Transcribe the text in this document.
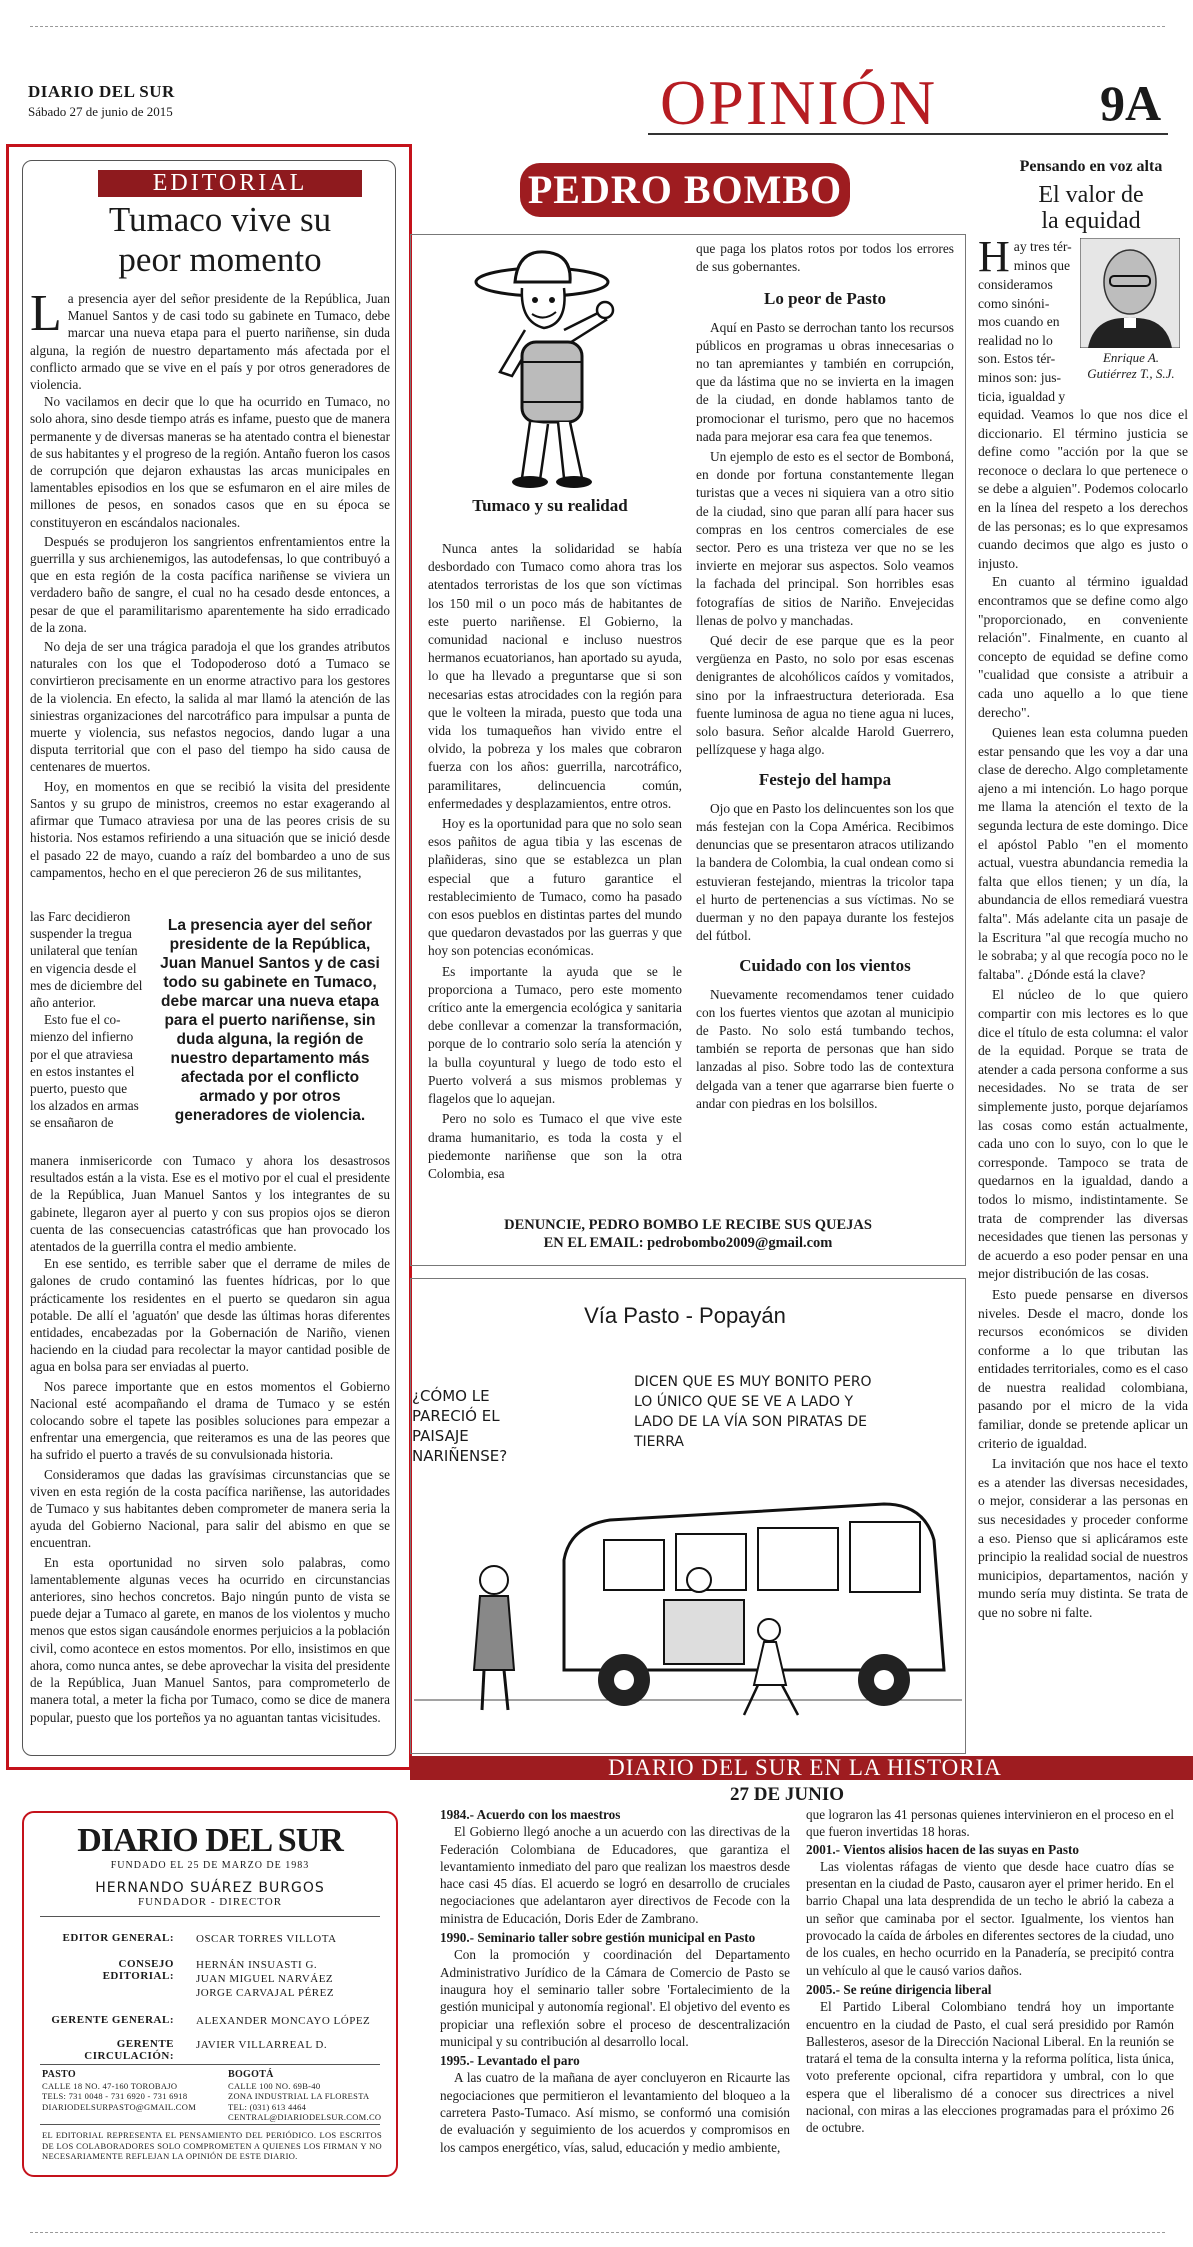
DIARIO DEL SUR
Sábado 27 de junio de 2015	OPINIÓN	9A
EDITORIAL
Tumaco vive su
peor momento

La presencia ayer del señor presidente de la República, Juan Manuel Santos y de casi todo su gabinete en Tumaco, debe marcar una nueva etapa para el puerto nariñense, sin duda alguna, la región de nuestro departamento más afectada por el conflicto armado que se vive en el país y por otros generadores de violencia.

No vacilamos en decir que lo que ha ocurrido en Tumaco, no solo ahora, sino desde tiempo atrás es infame, puesto que de manera permanente y de diversas maneras se ha atentado contra el bienestar de sus habitantes y el progreso de la región. Antaño fueron los casos de corrupción que dejaron exhaustas las arcas municipales en lamentables episodios en los que se esfumaron en el aire miles de millones de pesos, en sonados casos que en su época se constituyeron en escándalos nacionales.

Después se produjeron los sangrientos enfrentamientos entre la guerrilla y sus archienemigos, las autodefensas, lo que contribuyó a que en esta región de la costa pacífica nariñense se viviera un verdadero baño de sangre, el cual no ha cesado desde entonces, a pesar de que el paramilitarismo aparentemente ha sido erradicado de la zona.

No deja de ser una trágica paradoja el que los grandes atributos naturales con los que el Todopoderoso dotó a Tumaco se convirtieron precisamente en un enorme atractivo para los gestores de la violencia. En efecto, la salida al mar llamó la atención de las siniestras organizaciones del narcotráfico para impulsar a punta de muerte y violencia, sus nefastos negocios, dando lugar a una disputa territorial que con el paso del tiempo ha sido causa de centenares de muertos.

Hoy, en momentos en que se recibió la visita del presidente Santos y su grupo de ministros, creemos no estar exagerando al afirmar que Tumaco atraviesa por una de las peores crisis de su historia. Nos estamos refiriendo a una situación que se inició desde el pasado 22 de mayo, cuando a raíz del bombardeo a uno de sus campamentos, hecho en el que perecieron 26 de sus militantes,

las Farc decidieron
suspender la tregua
unilateral que tenían
en vigencia desde el
mes de diciembre del
año anterior.
Esto fue el co-
mienzo del infierno
por el que atraviesa
en estos instantes el
puerto, puesto que
los alzados en armas
se ensañaron de
La presencia ayer del señor presidente de la República, Juan Manuel Santos y de casi todo su gabinete en Tumaco, debe marcar una nueva etapa para el puerto nariñense, sin duda alguna, la región de nuestro departamento más afectada por el conflicto armado y por otros generadores de violencia.

manera inmisericorde con Tumaco y ahora los desastrosos resultados están a la vista. Ese es el motivo por el cual el presidente de la República, Juan Manuel Santos y los integrantes de su gabinete, llegaron ayer al puerto y con sus propios ojos se dieron cuenta de las consecuencias catastróficas que han provocado los atentados de la guerrilla contra el medio ambiente.

En ese sentido, es terrible saber que el derrame de miles de galones de crudo contaminó las fuentes hídricas, por lo que prácticamente los residentes en el puerto se quedaron sin agua potable. De allí el 'aguatón' que desde las últimas horas diferentes entidades, encabezadas por la Gobernación de Nariño, vienen haciendo en la ciudad para recolectar la mayor cantidad posible de agua en bolsa para ser enviadas al puerto.

Nos parece importante que en estos momentos el Gobierno Nacional esté acompañando el drama de Tumaco y se estén colocando sobre el tapete las posibles soluciones para empezar a enfrentar una emergencia, que reiteramos es una de las peores que ha sufrido el puerto a través de su convulsionada historia.

Consideramos que dadas las gravísimas circunstancias que se viven en esta región de la costa pacífica nariñense, las autoridades de Tumaco y sus habitantes deben comprometer de manera seria la ayuda del Gobierno Nacional, para salir del abismo en que se encuentran.

En esta oportunidad no sirven solo palabras, como lamentablemente algunas veces ha ocurrido en circunstancias anteriores, sino hechos concretos. Bajo ningún punto de vista se puede dejar a Tumaco al garete, en manos de los violentos y mucho menos que estos sigan causándole enormes perjuicios a la población civil, como acontece en estos momentos. Por ello, insistimos en que ahora, como nunca antes, se debe aprovechar la visita del presidente de la República, Juan Manuel Santos, para comprometerlo de manera total, a meter la ficha por Tumaco, como se dice de manera popular, puesto que los porteños ya no aguantan tantas vicisitudes.

PEDRO BOMBO
Tumaco y su realidad

Nunca antes la solidaridad se había desbordado con Tumaco como ahora tras los atentados terroristas de los que son víctimas los 150 mil o un poco más de habitantes de este puerto nariñense. El Gobierno, la comunidad nacional e incluso nuestros hermanos ecuatorianos, han aportado su ayuda, lo que ha llevado a preguntarse que si son necesarias estas atrocidades con la región para que le volteen la mirada, puesto que toda una vida los tumaqueños han vivido entre el olvido, la pobreza y los males que cobraron fuerza con los años: guerrilla, narcotráfico, paramilitares, delincuencia común, enfermedades y desplazamientos, entre otros.

Hoy es la oportunidad para que no solo sean esos pañitos de agua tibia y las escenas de plañideras, sino que se establezca un plan especial que a futuro garantice el restablecimiento de Tumaco, como ha pasado con esos pueblos en distintas partes del mundo que quedaron devastados por las guerras y que hoy son potencias económicas.

Es importante la ayuda que se le proporciona a Tumaco, pero este momento crítico ante la emergencia ecológica y sanitaria debe conllevar a comenzar la transformación, porque de lo contrario solo sería la atención y la bulla coyuntural y luego de todo esto el Puerto volverá a sus mismos problemas y flagelos que lo aquejan.

Pero no solo es Tumaco el que vive este drama humanitario, es toda la costa y el piedemonte nariñense que son la otra Colombia, esa

que paga los platos rotos por todos los errores de sus gobernantes.

Lo peor de Pasto

Aquí en Pasto se derrochan tanto los recursos públicos en programas u obras innecesarias o no tan apremiantes y también en corrupción, que da lástima que no se invierta en la imagen de la ciudad, en donde hablamos tanto de promocionar el turismo, pero que no hacemos nada para mejorar esa cara fea que tenemos.

Un ejemplo de esto es el sector de Bomboná, en donde por fortuna constantemente llegan turistas que a veces ni siquiera van a otro sitio de la ciudad, sino que paran allí para hacer sus compras en los centros comerciales de ese sector. Pero es una tristeza ver que no se les invierte en mejorar sus aspectos. Solo veamos la fachada del principal. Son horribles esas fotografías de sitios de Nariño. Envejecidas llenas de polvo y manchadas.

Qué decir de ese parque que es la peor vergüenza en Pasto, no solo por esas escenas denigrantes de alcohólicos caídos y vomitados, sino por la infraestructura deteriorada. Esa fuente luminosa de agua no tiene agua ni luces, solo basura. Señor alcalde Harold Guerrero, pellízquese y haga algo.

Festejo del hampa

Ojo que en Pasto los delincuentes son los que más festejan con la Copa América. Recibimos denuncias que se presentaron atracos utilizando la bandera de Colombia, la cual ondean como si estuvieran festejando, mientras la tricolor tapa el hurto de pertenencias a sus víctimas. No se duerman y no den papaya durante los festejos del fútbol.

Cuidado con los vientos

Nuevamente recomendamos tener cuidado con los fuertes vientos que azotan al municipio de Pasto. No solo está tumbando techos, también se reporta de personas que han sido lanzadas al piso. Sobre todo las de contextura delgada van a tener que agarrarse bien fuerte o andar con piedras en los bolsillos.

DENUNCIE, PEDRO BOMBO LE RECIBE SUS QUEJAS
EN EL EMAIL: pedrobombo2009@gmail.com
Vía Pasto - Popayán
¿CÓMO LE
PARECIÓ EL
PAISAJE
NARIÑENSE?
DICEN QUE ES MUY BONITO PERO
LO ÚNICO QUE SE VE A LADO Y
LADO DE LA VÍA SON PIRATAS DE
TIERRA
Pensando en voz alta
El valor de
la equidad
Enrique A.
Gutiérrez T., S.J.
H ay tres tér-
minos que
consideramos
como sinóni-
mos cuando en
realidad no lo
son. Estos tér-
minos son: jus-
ticia, igualdad y

equidad. Veamos lo que nos dice el diccionario. El término justicia se define como "acción por la que se reconoce o declara lo que pertenece o se debe a alguien". Podemos colocarlo en la línea del respeto a los derechos de las personas; es lo que expresamos cuando decimos que algo es justo o injusto.

En cuanto al término igualdad encontramos que se define como algo "proporcionado, en conveniente relación". Finalmente, en cuanto al concepto de equidad se define como "cualidad que consiste a atribuir a cada uno aquello a lo que tiene derecho".

Quienes lean esta columna pueden estar pensando que les voy a dar una clase de derecho. Algo completamente ajeno a mi intención. Lo hago porque me llama la atención el texto de la segunda lectura de este domingo. Dice el apóstol Pablo "en el momento actual, vuestra abundancia remedia la falta que ellos tienen; y un día, la abundancia de ellos remediará vuestra falta". Más adelante cita un pasaje de la Escritura "al que recogía mucho no le sobraba; y al que recogía poco no le faltaba". ¿Dónde está la clave?

El núcleo de lo que quiero compartir con mis lectores es lo que dice el título de esta columna: el valor de la equidad. Porque se trata de atender a cada persona conforme a sus necesidades. No se trata de ser simplemente justo, porque dejaríamos las cosas como están actualmente, cada uno con lo suyo, con lo que le corresponde. Tampoco se trata de quedarnos en la igualdad, dando a todos lo mismo, indistintamente. Se trata de comprender las diversas necesidades que tienen las personas y de acuerdo a eso poder pensar en una mejor distribución de las cosas.

Esto puede pensarse en diversos niveles. Desde el macro, donde los recursos económicos se dividen conforme a lo que tributan las entidades territoriales, como es el caso de nuestra realidad colombiana, pasando por el micro de la vida familiar, donde se pretende aplicar un criterio de igualdad.

La invitación que nos hace el texto es a atender las diversas necesidades, o mejor, considerar a las personas en sus necesidades y proceder conforme a eso. Pienso que si aplicáramos este principio la realidad social de nuestros municipios, departamentos, nación y mundo sería muy distinta. Se trata de que no sobre ni falte.

DIARIO DEL SUR EN LA HISTORIA
27 DE JUNIO
1984.- Acuerdo con los maestros

El Gobierno llegó anoche a un acuerdo con las directivas de la Federación Colombiana de Educadores, que garantiza el levantamiento inmediato del paro que realizan los maestros desde hace casi 45 días. El acuerdo se logró en desarrollo de cruciales negociaciones que adelantaron ayer directivos de Fecode con la ministra de Educación, Doris Eder de Zambrano.

1990.- Seminario taller sobre gestión municipal en Pasto

Con la promoción y coordinación del Departamento Administrativo Jurídico de la Cámara de Comercio de Pasto se inaugura hoy el seminario taller sobre 'Fortalecimiento de la gestión municipal y autonomía regional'. El objetivo del evento es propiciar una reflexión sobre el proceso de descentralización municipal y su contribución al desarrollo local.

1995.- Levantado el paro

A las cuatro de la mañana de ayer concluyeron en Ricaurte las negociaciones que permitieron el levantamiento del bloqueo a la carretera Pasto-Tumaco. Así mismo, se conformó una comisión de evaluación y seguimiento de los acuerdos y compromisos en los campos energético, vías, salud, educación y medio ambiente,

que lograron las 41 personas quienes intervinieron en el proceso en el que fueron invertidas 18 horas.

2001.- Vientos alisios hacen de las suyas en Pasto

Las violentas ráfagas de viento que desde hace cuatro días se presentan en la ciudad de Pasto, causaron ayer el primer herido. En el barrio Chapal una lata desprendida de un techo le abrió la cabeza a un señor que caminaba por el sector. Igualmente, los vientos han provocado la caída de árboles en diferentes sectores de la ciudad, uno de los cuales, en hecho ocurrido en la Panadería, se precipitó contra un vehículo al que le causó varios daños.

2005.- Se reúne dirigencia liberal

El Partido Liberal Colombiano tendrá hoy un importante encuentro en la ciudad de Pasto, el cual será presidido por Ramón Ballesteros, asesor de la Dirección Nacional Liberal. En la reunión se tratará el tema de la consulta interna y la reforma política, lista única, voto preferente opcional, cifra repartidora y umbral, con lo que espera que el liberalismo dé a conocer sus directrices a nivel nacional, con miras a las elecciones programadas para el próximo 26 de octubre.

DIARIO DEL SUR
FUNDADO EL 25 DE MARZO DE 1983
HERNANDO SUÁREZ BURGOS
FUNDADOR - DIRECTOR
EDITOR GENERAL: OSCAR TORRES VILLOTA
CONSEJO EDITORIAL:
HERNÁN INSUASTI G.
JUAN MIGUEL NARVÁEZ
JORGE CARVAJAL PÉREZ
GERENTE GENERAL: ALEXANDER MONCAYO LÓPEZ
GERENTE CIRCULACIÓN:
JAVIER VILLARREAL D.
PASTO
CALLE 18 NO. 47-160 TOROBAJO
TELS: 731 0048 - 731 6920 - 731 6918
DIARIODELSURPASTO@GMAIL.COM
BOGOTÁ
CALLE 100 NO. 69B-40
ZONA INDUSTRIAL LA FLORESTA
TEL: (031) 613 4464
CENTRAL@DIARIODELSUR.COM.CO
EL EDITORIAL REPRESENTA EL PENSAMIENTO DEL PERIÓDICO. LOS ESCRITOS DE LOS COLABORADORES SOLO COMPROMETEN A QUIENES LOS FIRMAN Y NO NECESARIAMENTE REFLEJAN LA OPINIÓN DE ESTE DIARIO.
